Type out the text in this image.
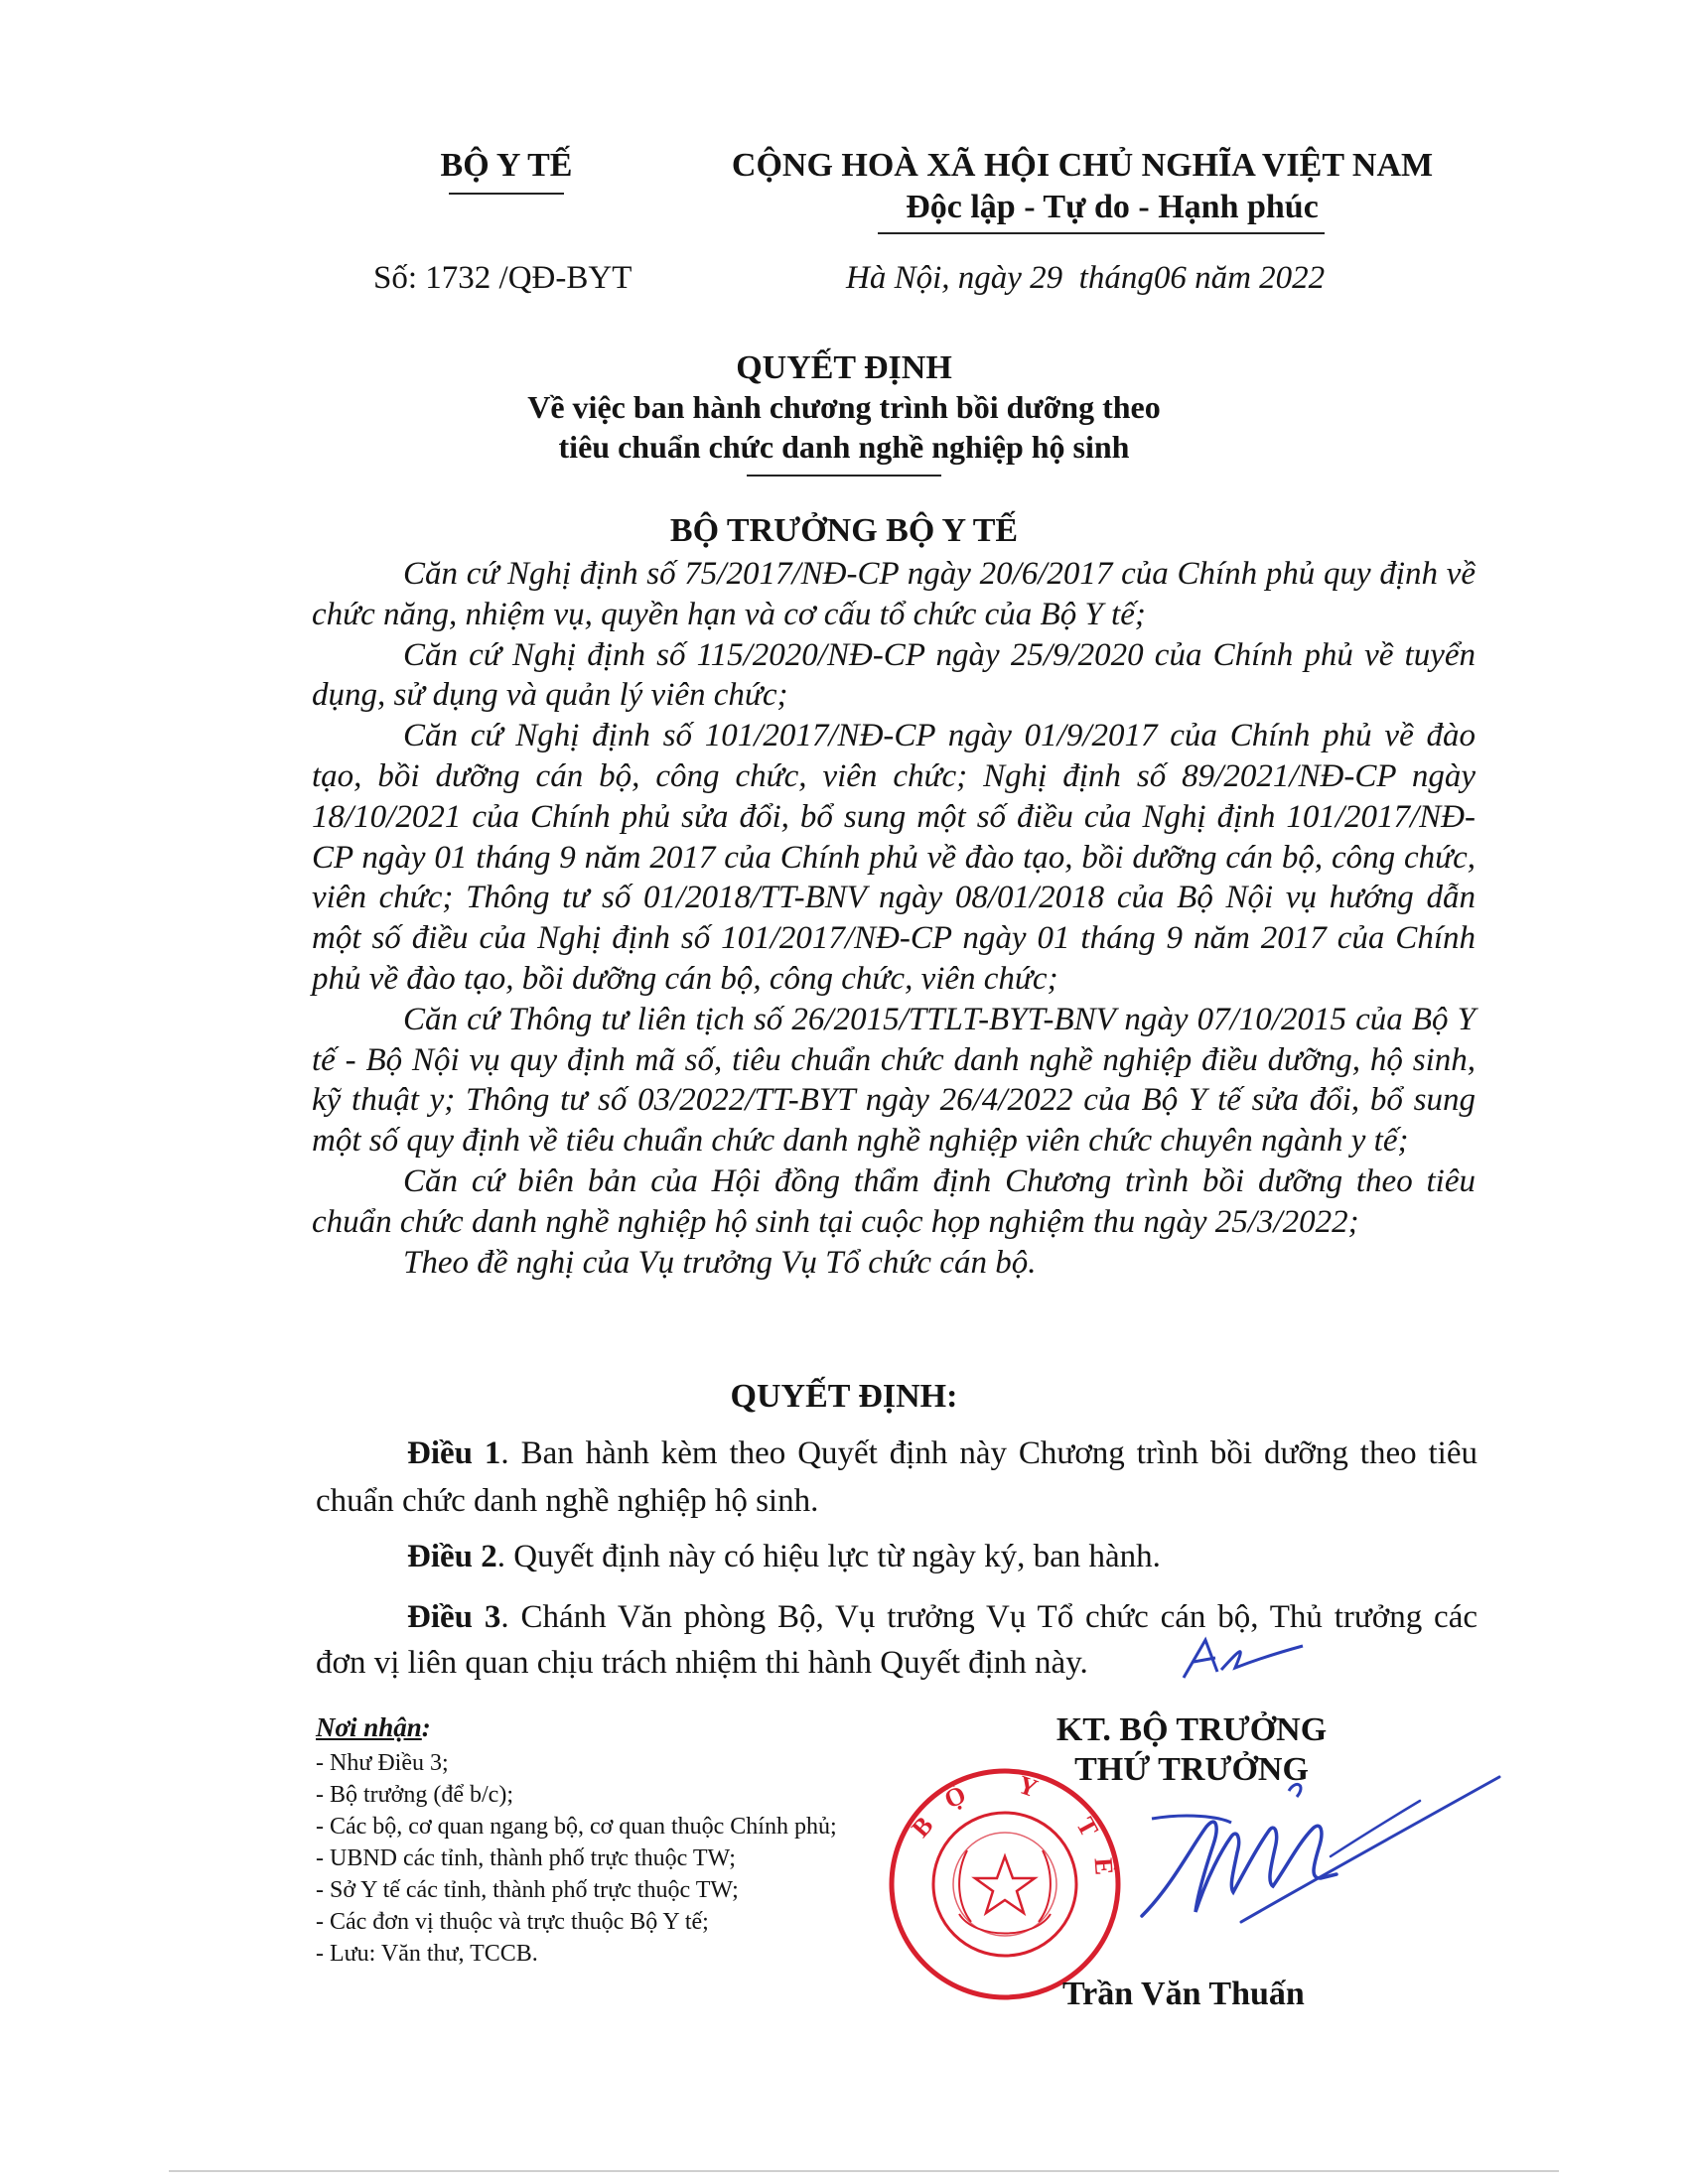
BỘ Y TẾ	CỘNG HOÀ XÃ HỘI CHỦ NGHĨA VIỆT NAM
Độc lập - Tự do - Hạnh phúc
Số: 1732 /QĐ-BYT	Hà Nội, ngày 29  tháng06 năm 2022
QUYẾT ĐỊNH
Về việc ban hành chương trình bồi dưỡng theo
tiêu chuẩn chức danh nghề nghiệp hộ sinh
BỘ TRƯỞNG BỘ Y TẾ

Căn cứ Nghị định số 75/2017/NĐ-CP ngày 20/6/2017 của Chính phủ quy định về chức năng, nhiệm vụ, quyền hạn và cơ cấu tổ chức của Bộ Y tế;

Căn cứ Nghị định số 115/2020/NĐ-CP ngày 25/9/2020 của Chính phủ về tuyển dụng, sử dụng và quản lý viên chức;

Căn cứ Nghị định số 101/2017/NĐ-CP ngày 01/9/2017 của Chính phủ về đào tạo, bồi dưỡng cán bộ, công chức, viên chức; Nghị định số 89/2021/NĐ-CP ngày 18/10/2021 của Chính phủ sửa đổi, bổ sung một số điều của Nghị định 101/2017/NĐ-CP ngày 01 tháng 9 năm 2017 của Chính phủ về đào tạo, bồi dưỡng cán bộ, công chức, viên chức; Thông tư số 01/2018/TT-BNV ngày 08/01/2018 của Bộ Nội vụ hướng dẫn một số điều của Nghị định số 101/2017/NĐ-CP ngày 01 tháng 9 năm 2017 của Chính phủ về đào tạo, bồi dưỡng cán bộ, công chức, viên chức;

Căn cứ Thông tư liên tịch số 26/2015/TTLT-BYT-BNV ngày 07/10/2015 của Bộ Y tế - Bộ Nội vụ quy định mã số, tiêu chuẩn chức danh nghề nghiệp điều dưỡng, hộ sinh, kỹ thuật y; Thông tư số 03/2022/TT-BYT ngày 26/4/2022 của Bộ Y tế sửa đổi, bổ sung một số quy định về tiêu chuẩn chức danh nghề nghiệp viên chức chuyên ngành y tế;

Căn cứ biên bản của Hội đồng thẩm định Chương trình bồi dưỡng theo tiêu chuẩn chức danh nghề nghiệp hộ sinh tại cuộc họp nghiệm thu ngày 25/3/2022;

Theo đề nghị của Vụ trưởng Vụ Tổ chức cán bộ.

QUYẾT ĐỊNH:

Điều 1. Ban hành kèm theo Quyết định này Chương trình bồi dưỡng theo tiêu chuẩn chức danh nghề nghiệp hộ sinh.

Điều 2. Quyết định này có hiệu lực từ ngày ký, ban hành.

Điều 3. Chánh Văn phòng Bộ, Vụ trưởng Vụ Tổ chức cán bộ, Thủ trưởng các đơn vị liên quan chịu trách nhiệm thi hành Quyết định này.

Nơi nhận:
- Như Điều 3;
- Bộ trưởng (để b/c);
- Các bộ, cơ quan ngang bộ, cơ quan thuộc Chính phủ;
- UBND các tỉnh, thành phố trực thuộc TW;
- Sở Y tế các tỉnh, thành phố trực thuộc TW;
- Các đơn vị thuộc và trực thuộc Bộ Y tế;
- Lưu: Văn thư, TCCB.
KT. BỘ TRƯỞNG
THỨ TRƯỞNG
BỘ Y TẾ
Trần Văn Thuấn
